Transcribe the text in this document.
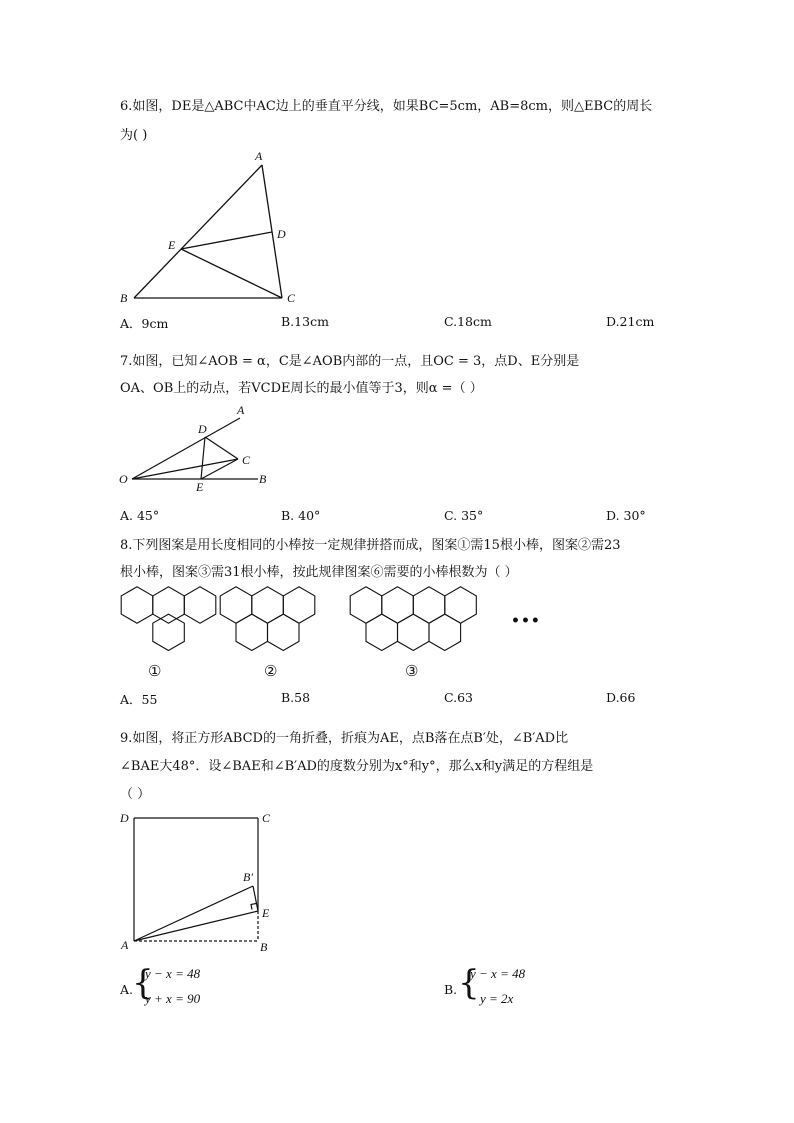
6.如图，DE是△ABC中AC边上的垂直平分线，如果BC=5cm，AB=8cm，则△EBC的周长
为( )
A
B	C
D
E
A．9cm	B.13cm	C.18cm	D.21cm
7.如图，已知∠AOB = α，C是∠AOB内部的一点，且OC = 3，点D、E分别是
OA、OB上的动点，若VCDE周长的最小值等于3，则α =（ ）
A
B
C
D
E
O
A. 45°	B. 40°	C. 35°	D. 30°
8.下列图案是用长度相同的小棒按一定规律拼搭而成，图案①需15根小棒，图案②需23
根小棒，图案③需31根小棒，按此规律图案⑥需要的小棒根数为（ ）
①	②	③
•••
A．55	B.58	C.63	D.66
9.如图，将正方形ABCD的一角折叠，折痕为AE，点B落在点B′处，∠B′AD比
∠BAE大48°．设∠BAE和∠B′AD的度数分别为x°和y°，那么x和y满足的方程组是
（ ）
D	C
B′
E
A	B
A.
{
y − x = 48
y + x = 90
B. {
y − x = 48
y = 2x
